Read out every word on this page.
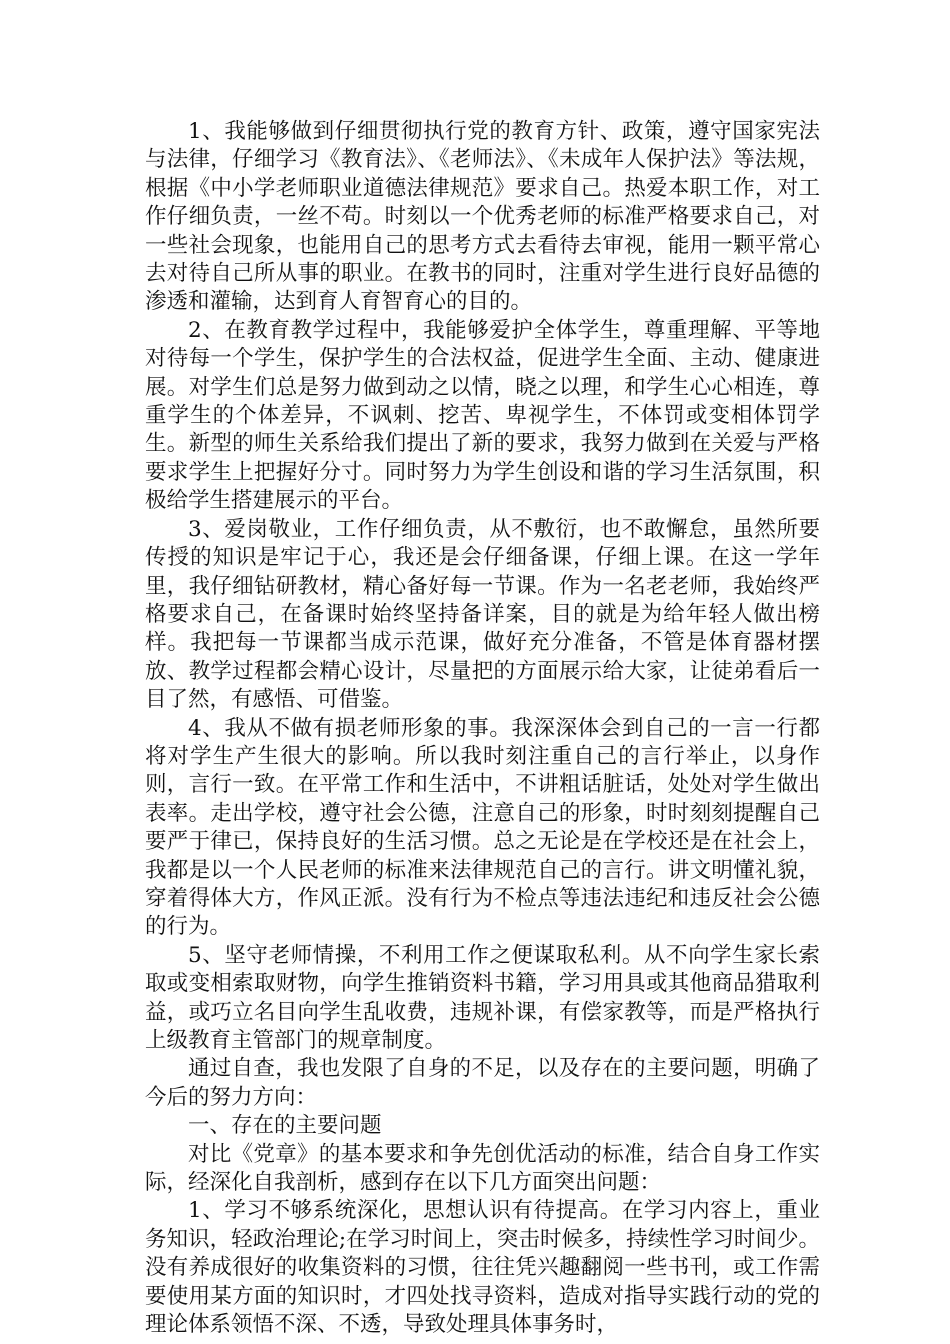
1、我能够做到仔细贯彻执行党的教育方针、政策，遵守国家宪法与法律，仔细学习《教育法》、《老师法》、《未成年人保护法》等法规，根据《中小学老师职业道德法律规范》要求自己。热爱本职工作，对工作仔细负责，一丝不苟。时刻以一个优秀老师的标准严格要求自己，对一些社会现象，也能用自己的思考方式去看待去审视，能用一颗平常心去对待自己所从事的职业。在教书的同时，注重对学生进行良好品德的渗透和灌输，达到育人育智育心的目的。

2、在教育教学过程中，我能够爱护全体学生，尊重理解、平等地对待每一个学生，保护学生的合法权益，促进学生全面、主动、健康进展。对学生们总是努力做到动之以情，晓之以理，和学生心心相连，尊重学生的个体差异，不讽刺、挖苦、卑视学生，不体罚或变相体罚学生。新型的师生关系给我们提出了新的要求，我努力做到在关爱与严格要求学生上把握好分寸。同时努力为学生创设和谐的学习生活氛围，积极给学生搭建展示的平台。

3、爱岗敬业，工作仔细负责，从不敷衍，也不敢懈怠，虽然所要传授的知识是牢记于心，我还是会仔细备课，仔细上课。在这一学年里，我仔细钻研教材，精心备好每一节课。作为一名老老师，我始终严格要求自己，在备课时始终坚持备详案，目的就是为给年轻人做出榜样。我把每一节课都当成示范课，做好充分准备，不管是体育器材摆放、教学过程都会精心设计，尽量把的方面展示给大家，让徒弟看后一目了然，有感悟、可借鉴。

4、我从不做有损老师形象的事。我深深体会到自己的一言一行都将对学生产生很大的影响。所以我时刻注重自己的言行举止，以身作则，言行一致。在平常工作和生活中，不讲粗话脏话，处处对学生做出表率。走出学校，遵守社会公德，注意自己的形象，时时刻刻提醒自己要严于律已，保持良好的生活习惯。总之无论是在学校还是在社会上，我都是以一个人民老师的标准来法律规范自己的言行。讲文明懂礼貌，穿着得体大方，作风正派。没有行为不检点等违法违纪和违反社会公德的行为。

5、坚守老师情操，不利用工作之便谋取私利。从不向学生家长索取或变相索取财物，向学生推销资料书籍，学习用具或其他商品猎取利益，或巧立名目向学生乱收费，违规补课，有偿家教等，而是严格执行上级教育主管部门的规章制度。

通过自查，我也发限了自身的不足，以及存在的主要问题，明确了今后的努力方向：

一、存在的主要问题

对比《党章》的基本要求和争先创优活动的标准，结合自身工作实际，经深化自我剖析，感到存在以下几方面突出问题：

1、学习不够系统深化，思想认识有待提高。在学习内容上，重业务知识，轻政治理论;在学习时间上，突击时候多，持续性学习时间少。没有养成很好的收集资料的习惯，往往凭兴趣翻阅一些书刊，或工作需要使用某方面的知识时，才四处找寻资料，造成对指导实践行动的党的理论体系领悟不深、不透，导致处理具体事务时，
